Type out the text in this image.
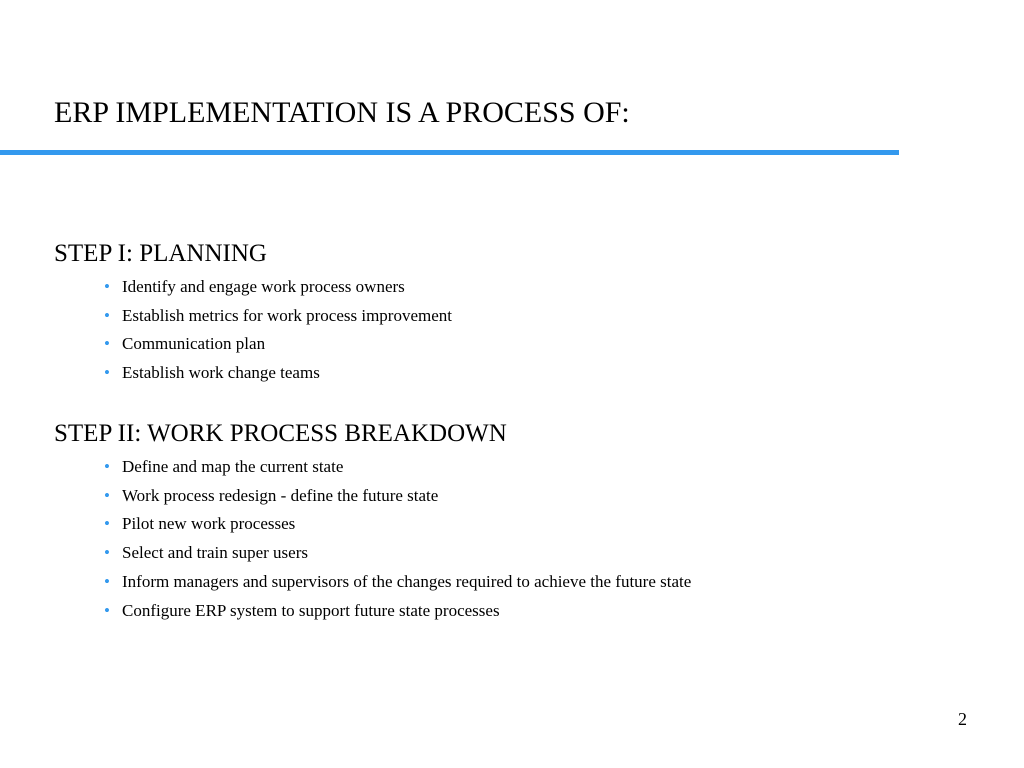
ERP IMPLEMENTATION IS A PROCESS OF:
STEP I: PLANNING
• Identify and engage work process owners
• Establish metrics for work process improvement
• Communication plan
• Establish work change teams
STEP II: WORK PROCESS BREAKDOWN
• Define and map the current state
• Work process redesign - define the future state
• Pilot new work processes
• Select and train super users
• Inform managers and supervisors of the changes required to achieve the future state
• Configure ERP system to support future state processes
2
